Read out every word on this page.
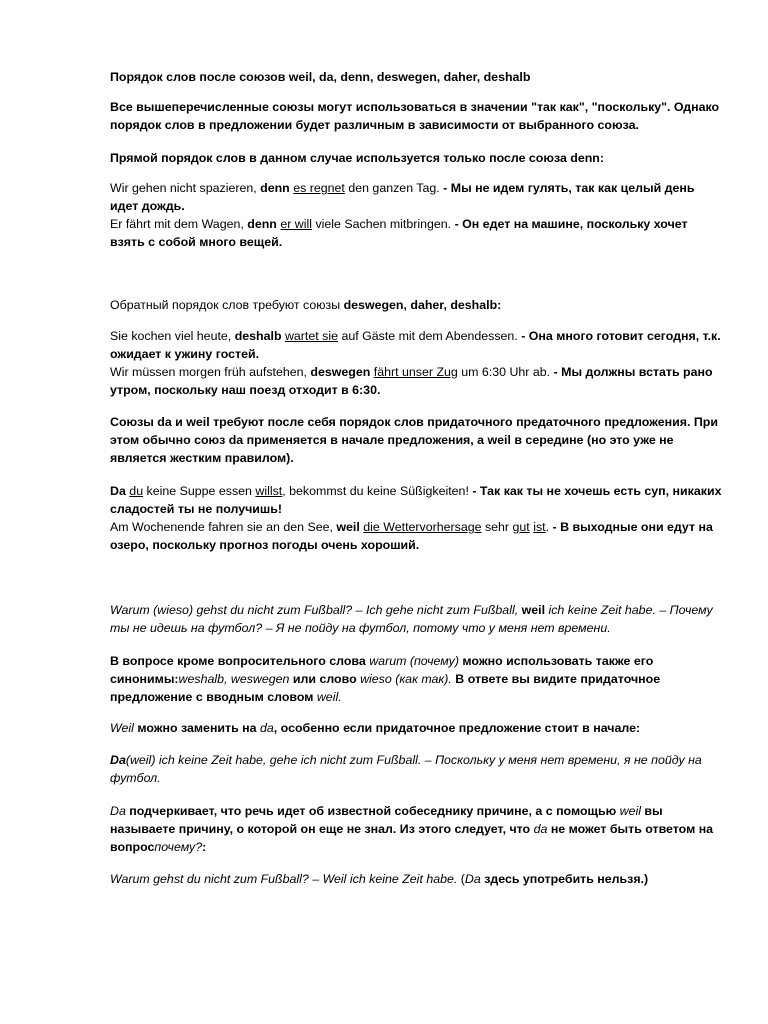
Порядок слов после союзов weil, da, denn, deswegen, daher, deshalb

Все вышеперечисленные союзы могут использоваться в значении "так как", "поскольку". Однако порядок слов в предложении будет различным в зависимости от выбранного союза.

Прямой порядок слов в данном случае используется только после союза denn:

Wir gehen nicht spazieren, denn es regnet den ganzen Tag. - Мы не идем гулять, так как целый день идет дождь.

Er fährt mit dem Wagen, denn er will viele Sachen mitbringen. - Он едет на машине, поскольку хочет взять с собой много вещей.

Обратный порядок слов требуют союзы deswegen, daher, deshalb:

Sie kochen viel heute, deshalb wartet sie auf Gäste mit dem Abendessen. - Она много готовит сегодня, т.к. ожидает к ужину гостей.

Wir müssen morgen früh aufstehen, deswegen fährt unser Zug um 6:30 Uhr ab. - Мы должны встать рано утром, поскольку наш поезд отходит в 6:30.

Союзы da и weil требуют после себя порядок слов придаточного предаточного предложения. При этом обычно союз da применяется в начале предложения, а weil в середине (но это уже не является жестким правилом).

Da du keine Suppe essen willst, bekommst du keine Süßigkeiten! - Так как ты не хочешь есть суп, никаких сладостей ты не получишь!

Am Wochenende fahren sie an den See, weil die Wettervorhersage sehr gut ist. - В выходные они едут на озеро, поскольку прогноз погоды очень хороший.

Warum (wieso) gehst du nicht zum Fußball? – Ich gehe nicht zum Fußball, weil ich keine Zeit habe. – Почему ты не идешь на футбол? – Я не пойду на футбол, потому что у меня нет времени.

В вопросе кроме вопросительного слова warum (почему) можно использовать также его синонимы:weshalb, weswegen или слово wieso (как так). В ответе вы видите придаточное предложение с вводным словом weil.

Weil можно заменить на da, особенно если придаточное предложение стоит в начале:

Da(weil) ich keine Zeit habe, gehe ich nicht zum Fußball. – Поскольку у меня нет времени, я не пойду на футбол.

Da подчеркивает, что речь идет об известной собеседнику причине, а с помощью weil вы называете причину, о которой он еще не знал. Из этого следует, что da не может быть ответом на вопроспочему?:

Warum gehst du nicht zum Fußball? – Weil ich keine Zeit habe. (Da здесь употребить нельзя.)
